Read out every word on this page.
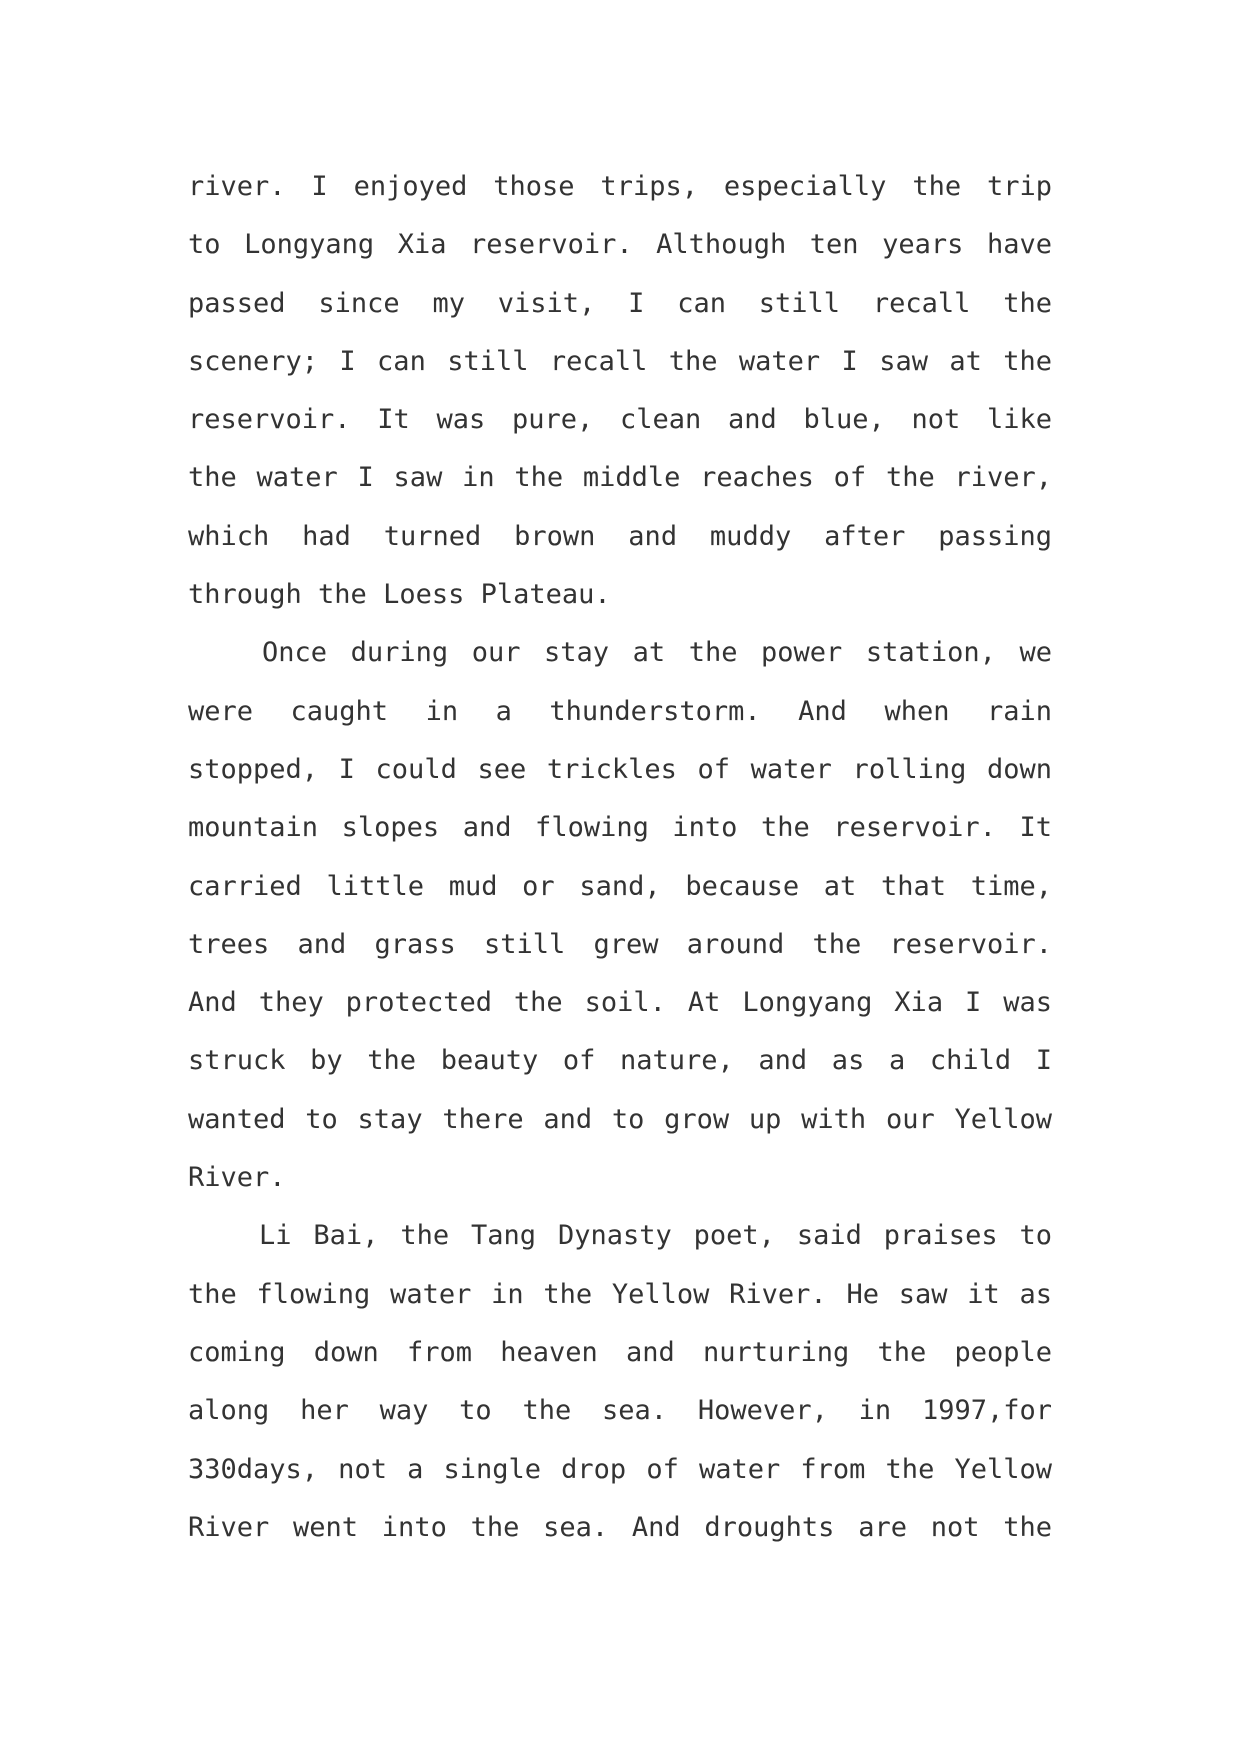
river. I enjoyed those trips, especially the trip
to Longyang Xia reservoir. Although ten years have
passed since my visit, I can still recall the
scenery; I can still recall the water I saw at the
reservoir. It was pure, clean and blue, not like
the water I saw in the middle reaches of the river,
which had turned brown and muddy after passing
through the Loess Plateau.
Once during our stay at the power station, we
were caught in a thunderstorm. And when rain
stopped, I could see trickles of water rolling down
mountain slopes and flowing into the reservoir. It
carried little mud or sand, because at that time,
trees and grass still grew around the reservoir.
And they protected the soil. At Longyang Xia I was
struck by the beauty of nature, and as a child I
wanted to stay there and to grow up with our Yellow
River.
Li Bai, the Tang Dynasty poet, said praises to
the flowing water in the Yellow River. He saw it as
coming down from heaven and nurturing the people
along her way to the sea. However, in 1997,for
330days, not a single drop of water from the Yellow
River went into the sea. And droughts are not the
